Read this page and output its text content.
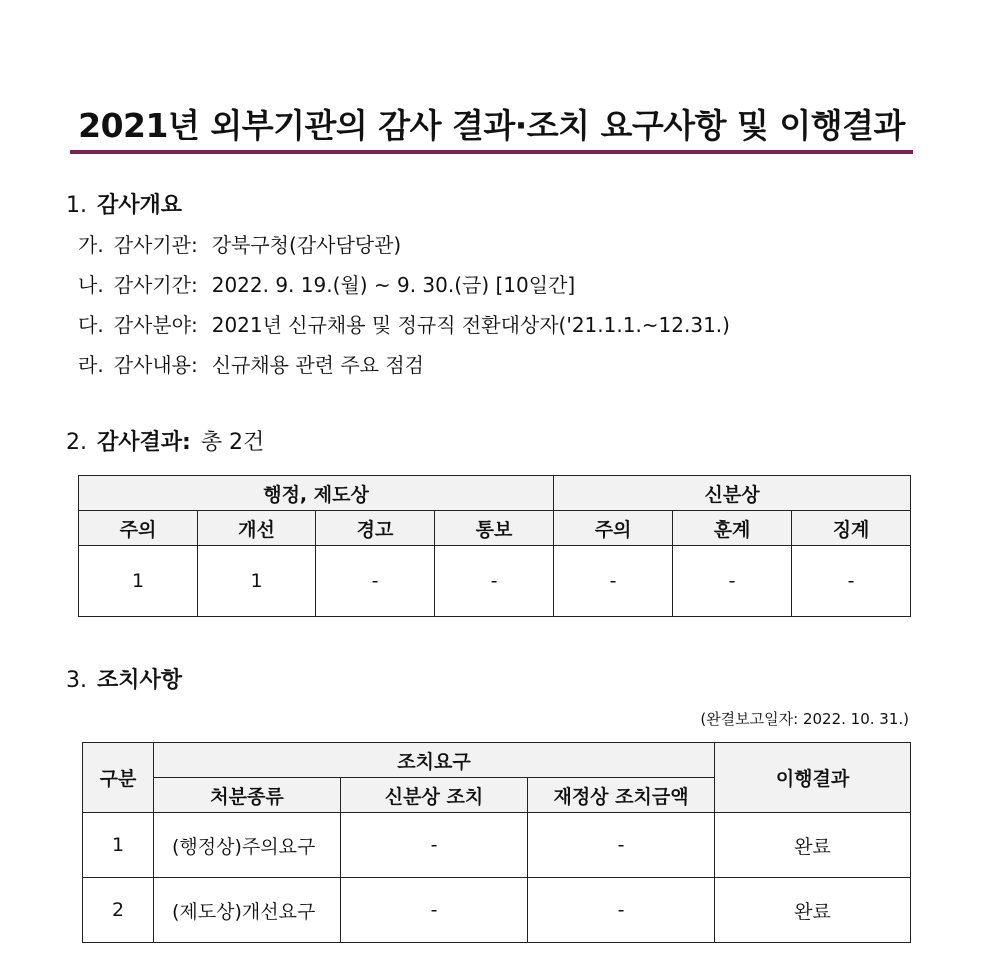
2021년 외부기관의 감사 결과·조치 요구사항 및 이행결과
1. 감사개요
가. 감사기관: 강북구청(감사담당관)
나. 감사기간: 2022. 9. 19.(월) ~ 9. 30.(금) [10일간]
다. 감사분야: 2021년 신규채용 및 정규직 전환대상자('21.1.1.~12.31.)
라. 감사내용: 신규채용 관련 주요 점검
2. 감사결과: 총 2건
행정, 제도상				신분상		
주의	개선	경고	통보	주의	훈계	징계
1	1	-	-	-	-	-
3. 조치사항
(완결보고일자: 2022. 10. 31.)
구분	조치요구			이행결과
	처분종류	신분상 조치	재정상 조치금액	
1	(행정상)주의요구	-	-	완료
2	(제도상)개선요구	-	-	완료
